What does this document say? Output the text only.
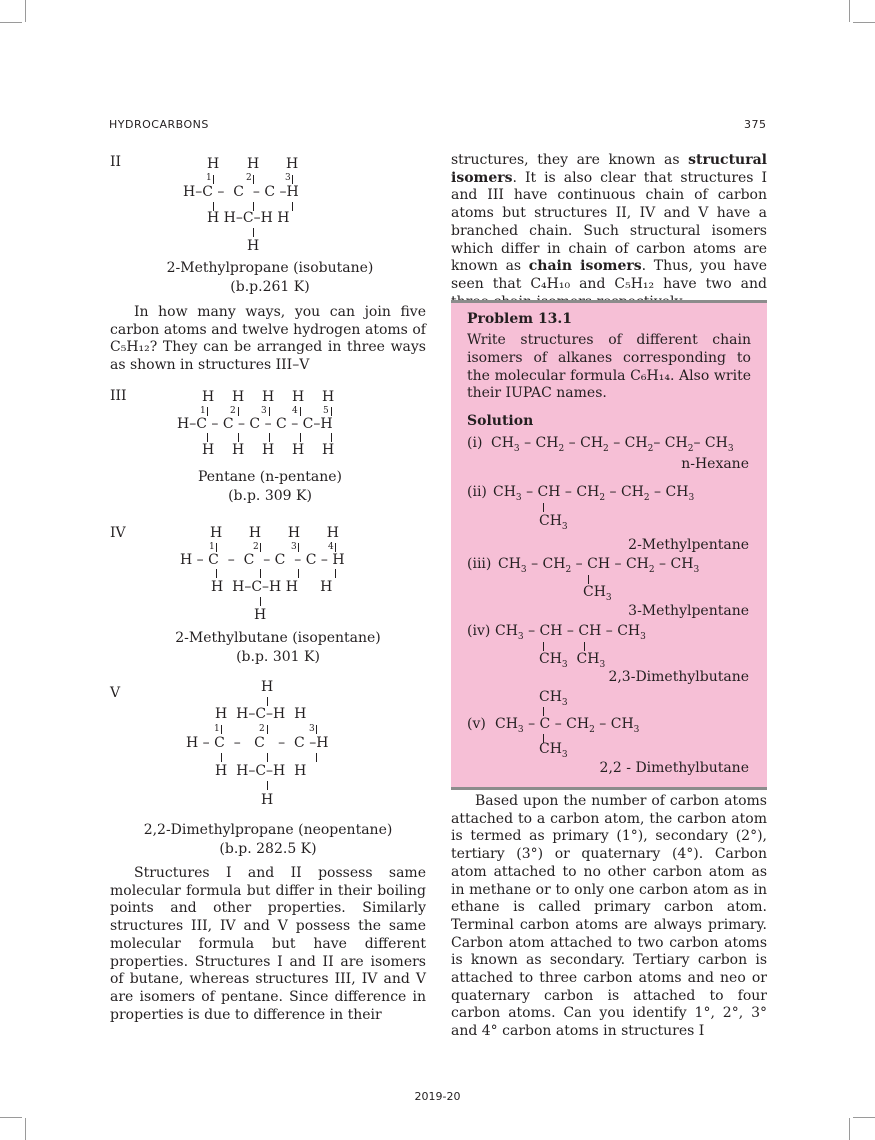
HYDROCARBONS	375
II	H H H
1	2	3
H–C –  C  – C –H
H H–C–H H
H
2-Methylpropane (isobutane)
(b.p.261 K)

In how many ways, you can join five carbon atoms and twelve hydrogen atoms of C₅H₁₂? They can be arranged in three ways as shown in structures III–V

III	H    H    H    H    H
1	2	3	4	5
H–C – C – C – C – C–H
H    H    H    H    H
Pentane (n-pentane)
(b.p. 309 K)
IV	H      H      H      H
1	2	3	4
H – C  –  C  – C  – C – H
H  H–C–H H     H
H
2-Methylbutane (isopentane)
(b.p. 301 K)
V	H
H  H–C–H  H
1	2	3
H – C  –   C   –  C –H
H  H–C–H  H
H
2,2-Dimethylpropane (neopentane)
(b.p. 282.5 K)

Structures I and II possess same molecular formula but differ in their boiling points and other properties. Similarly structures III, IV and V possess the same molecular formula but have different properties. Structures I and II are isomers of butane, whereas structures III, IV and V are isomers of pentane. Since difference in properties is due to difference in their

structures, they are known as structural isomers. It is also clear that structures I and III have continuous chain of carbon atoms but structures II, IV and V have a branched chain. Such structural isomers which differ in chain of carbon atoms are known as chain isomers. Thus, you have seen that C₄H₁₀ and C₅H₁₂ have two and

Problem 13.1

Write structures of different chain isomers of alkanes corresponding to the molecular formula C₆H₁₄. Also write their IUPAC names.

Solution
(i) $CH_3 - CH_2 - CH_2 - CH_2-$ $CH_2-$ $CH_3$
n-Hexane
(ii) $CH_3$ – CH – $CH_2 - CH_2 - CH_3$
$CH_3$
2-Methylpentane
(iii) $CH_3 - CH_2$ – CH – $CH_2 - CH_3$
$CH_3$
3-Methylpentane
(iv) $CH_3$ – CH – CH – $CH_3$
$CH_3$  $CH_3$
2,3-Dimethylbutane
$CH_3$
(v) $CH_3$ – C – $CH_2 - CH_3$
$CH_3$
2,2 - Dimethylbutane

Based upon the number of carbon atoms attached to a carbon atom, the carbon atom is termed as primary (1°), secondary (2°), tertiary (3°) or quaternary (4°). Carbon atom attached to no other carbon atom as in methane or to only one carbon atom as in ethane is called primary carbon atom. Terminal carbon atoms are always primary. Carbon atom attached to two carbon atoms is known as secondary. Tertiary carbon is attached to three carbon atoms and neo or quaternary carbon is attached to four carbon atoms. Can you identify 1°, 2°, 3° and 4° carbon atoms in structures I

2019-20
